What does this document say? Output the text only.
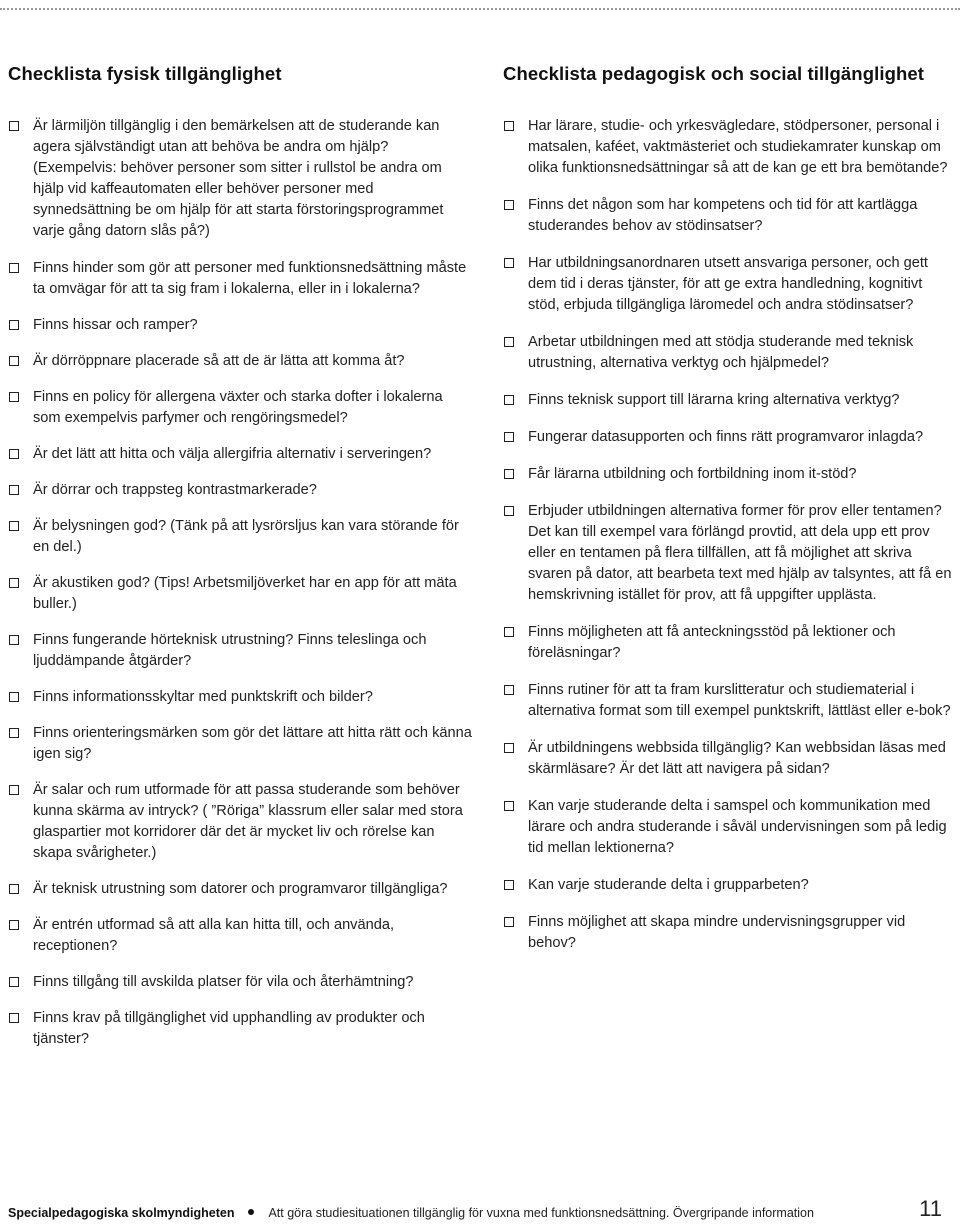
Checklista fysisk tillgänglighet
Är lärmiljön tillgänglig i den bemärkelsen att de studerande kan agera självständigt utan att behöva be andra om hjälp? (Exempelvis: behöver personer som sitter i rullstol be andra om hjälp vid kaffeautomaten eller behöver personer med synnedsättning be om hjälp för att starta förstoringsprogrammet varje gång datorn slås på?)
Finns hinder som gör att personer med funktionsnedsättning måste ta omvägar för att ta sig fram i lokalerna, eller in i lokalerna?
Finns hissar och ramper?
Är dörröppnare placerade så att de är lätta att komma åt?
Finns en policy för allergena växter och starka dofter i lokalerna som exempelvis parfymer och rengöringsmedel?
Är det lätt att hitta och välja allergifria alternativ i serveringen?
Är dörrar och trappsteg kontrastmarkerade?
Är belysningen god? (Tänk på att lysrörsljus kan vara störande för en del.)
Är akustiken god? (Tips! Arbetsmiljöverket har en app för att mäta buller.)
Finns fungerande hörteknisk utrustning? Finns teleslinga och ljuddämpande åtgärder?
Finns informationsskyltar med punktskrift och bilder?
Finns orienteringsmärken som gör det lättare att hitta rätt och känna igen sig?
Är salar och rum utformade för att passa studerande som behöver kunna skärma av intryck? ( ”Röriga” klassrum eller salar med stora glaspartier mot korridorer där det är mycket liv och rörelse kan skapa svårigheter.)
Är teknisk utrustning som datorer och programvaror tillgängliga?
Är entrén utformad så att alla kan hitta till, och använda, receptionen?
Finns tillgång till avskilda platser för vila och återhämtning?
Finns krav på tillgänglighet vid upphandling av produkter och tjänster?
Checklista pedagogisk och social tillgänglighet
Har lärare, studie- och yrkesvägledare, stödpersoner, personal i matsalen, kaféet, vaktmästeriet och studiekamrater kunskap om olika funktionsnedsättningar så att de kan ge ett bra bemötande?
Finns det någon som har kompetens och tid för att kartlägga studerandes behov av stödinsatser?
Har utbildningsanordnaren utsett ansvariga personer, och gett dem tid i deras tjänster, för att ge extra handledning, kognitivt stöd, erbjuda tillgängliga läromedel och andra stödinsatser?
Arbetar utbildningen med att stödja studerande med teknisk utrustning, alternativa verktyg och hjälpmedel?
Finns teknisk support till lärarna kring alternativa verktyg?
Fungerar datasupporten och finns rätt programvaror inlagda?
Får lärarna utbildning och fortbildning inom it-stöd?
Erbjuder utbildningen alternativa former för prov eller tentamen? Det kan till exempel vara förlängd provtid, att dela upp ett prov eller en tentamen på flera tillfällen, att få möjlighet att skriva svaren på dator, att bearbeta text med hjälp av talsyntes, att få en hemskrivning istället för prov, att få uppgifter upplästa.
Finns möjligheten att få anteckningsstöd på lektioner och föreläsningar?
Finns rutiner för att ta fram kurslitteratur och studiematerial i alternativa format som till exempel punktskrift, lättläst eller e-bok?
Är utbildningens webbsida tillgänglig? Kan webbsidan läsas med skärmläsare? Är det lätt att navigera på sidan?
Kan varje studerande delta i samspel och kommunikation med lärare och andra studerande i såväl undervisningen som på ledig tid mellan lektionerna?
Kan varje studerande delta i grupparbeten?
Finns möjlighet att skapa mindre undervisningsgrupper vid behov?
Specialpedagogiska skolmyndigheten	Att göra studiesituationen tillgänglig för vuxna med funktionsnedsättning. Övergripande information	11
